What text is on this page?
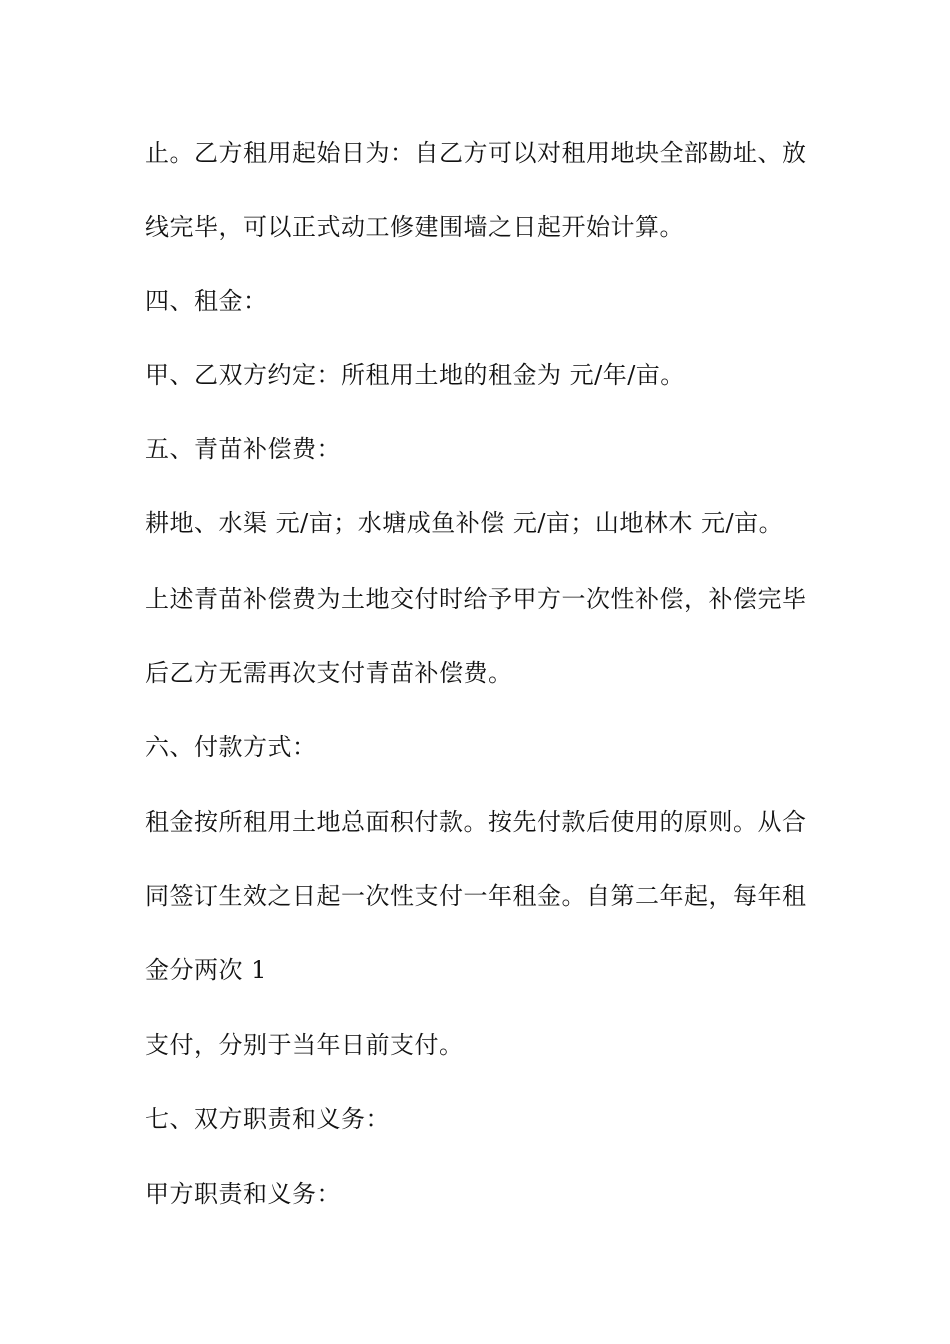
止。乙方租用起始日为：自乙方可以对租用地块全部勘址、放
线完毕，可以正式动工修建围墙之日起开始计算。
四、租金：
甲、乙双方约定：所租用土地的租金为 元/年/亩。
五、青苗补偿费：
耕地、水渠 元/亩；水塘成鱼补偿 元/亩；山地林木 元/亩。
上述青苗补偿费为土地交付时给予甲方一次性补偿，补偿完毕
后乙方无需再次支付青苗补偿费。
六、付款方式：
租金按所租用土地总面积付款。按先付款后使用的原则。从合
同签订生效之日起一次性支付一年租金。自第二年起，每年租
金分两次 1
支付，分别于当年日前支付。
七、双方职责和义务：
甲方职责和义务：
